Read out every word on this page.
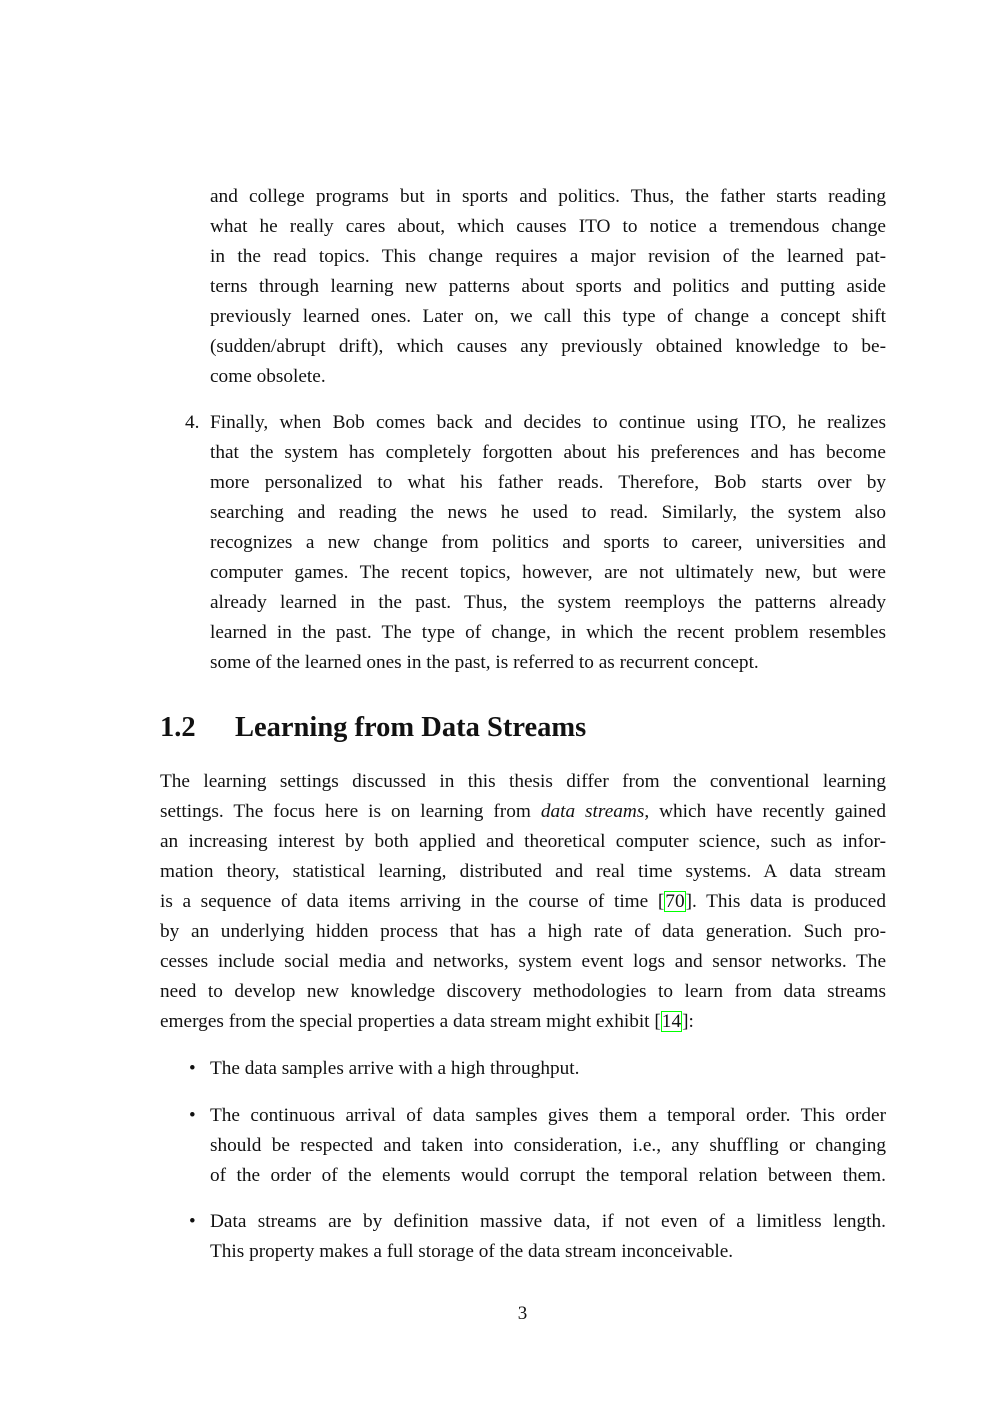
and college programs but in sports and politics. Thus, the father starts reading
what he really cares about, which causes ITO to notice a tremendous change
in the read topics. This change requires a major revision of the learned pat-
terns through learning new patterns about sports and politics and putting aside
previously learned ones. Later on, we call this type of change a concept shift
(sudden/abrupt drift), which causes any previously obtained knowledge to be-
come obsolete.
4. Finally, when Bob comes back and decides to continue using ITO, he realizes
that the system has completely forgotten about his preferences and has become
more personalized to what his father reads. Therefore, Bob starts over by
searching and reading the news he used to read. Similarly, the system also
recognizes a new change from politics and sports to career, universities and
computer games. The recent topics, however, are not ultimately new, but were
already learned in the past. Thus, the system reemploys the patterns already
learned in the past. The type of change, in which the recent problem resembles
some of the learned ones in the past, is referred to as recurrent concept.
1.2 Learning from Data Streams
The learning settings discussed in this thesis differ from the conventional learning
settings. The focus here is on learning from data streams, which have recently gained
an increasing interest by both applied and theoretical computer science, such as infor-
mation theory, statistical learning, distributed and real time systems. A data stream
is a sequence of data items arriving in the course of time [70]. This data is produced
by an underlying hidden process that has a high rate of data generation. Such pro-
cesses include social media and networks, system event logs and sensor networks. The
need to develop new knowledge discovery methodologies to learn from data streams
emerges from the special properties a data stream might exhibit [14]:
• The data samples arrive with a high throughput.
• The continuous arrival of data samples gives them a temporal order. This order
should be respected and taken into consideration, i.e., any shuffling or changing
of the order of the elements would corrupt the temporal relation between them.
• Data streams are by definition massive data, if not even of a limitless length.
This property makes a full storage of the data stream inconceivable.
3
